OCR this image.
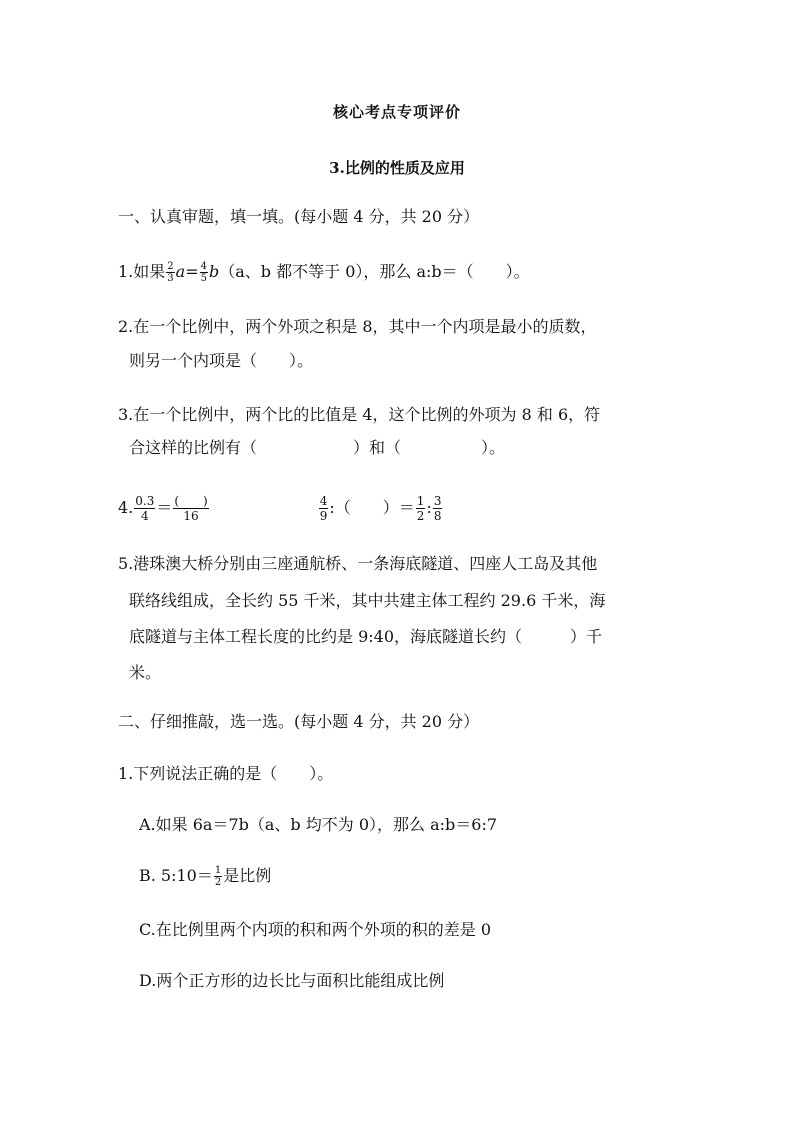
核心考点专项评价
3.比例的性质及应用
一、认真审题，填一填。(每小题 4 分，共 20 分）
1.如果 $\frac{2}{3} a= \frac{4}{5} b(a$、b 都不等于 0），那么 a:b＝（　　）。
2.在一个比例中，两个外项之积是 8，其中一个内项是最小的质数，
则另一个内项是（　　）。
3.在一个比例中，两个比的比值是 4，这个比例的外项为 8 和 6，符
合这样的比例有（　　　　　　）和（　　　　　）。
4. $\frac{0.3}{4} = \frac{( )}{16}$	$\frac{4}{9}$ :（　　）＝ $\frac{1}{2}$ : $\frac{3}{8}$
5.港珠澳大桥分别由三座通航桥、一条海底隧道、四座人工岛及其他
联络线组成，全长约 55 千米，其中共建主体工程约 29.6 千米，海
底隧道与主体工程长度的比约是 9:40，海底隧道长约（　　　）千
米。
二、仔细推敲，选一选。(每小题 4 分，共 20 分）
1.下列说法正确的是（　　）。
A.如果 6a＝7b（a、b 均不为 0），那么 a:b＝6:7
B. 5:10＝ $\frac{1}{2}$ 是比例
C.在比例里两个内项的积和两个外项的积的差是 0
D.两个正方形的边长比与面积比能组成比例
